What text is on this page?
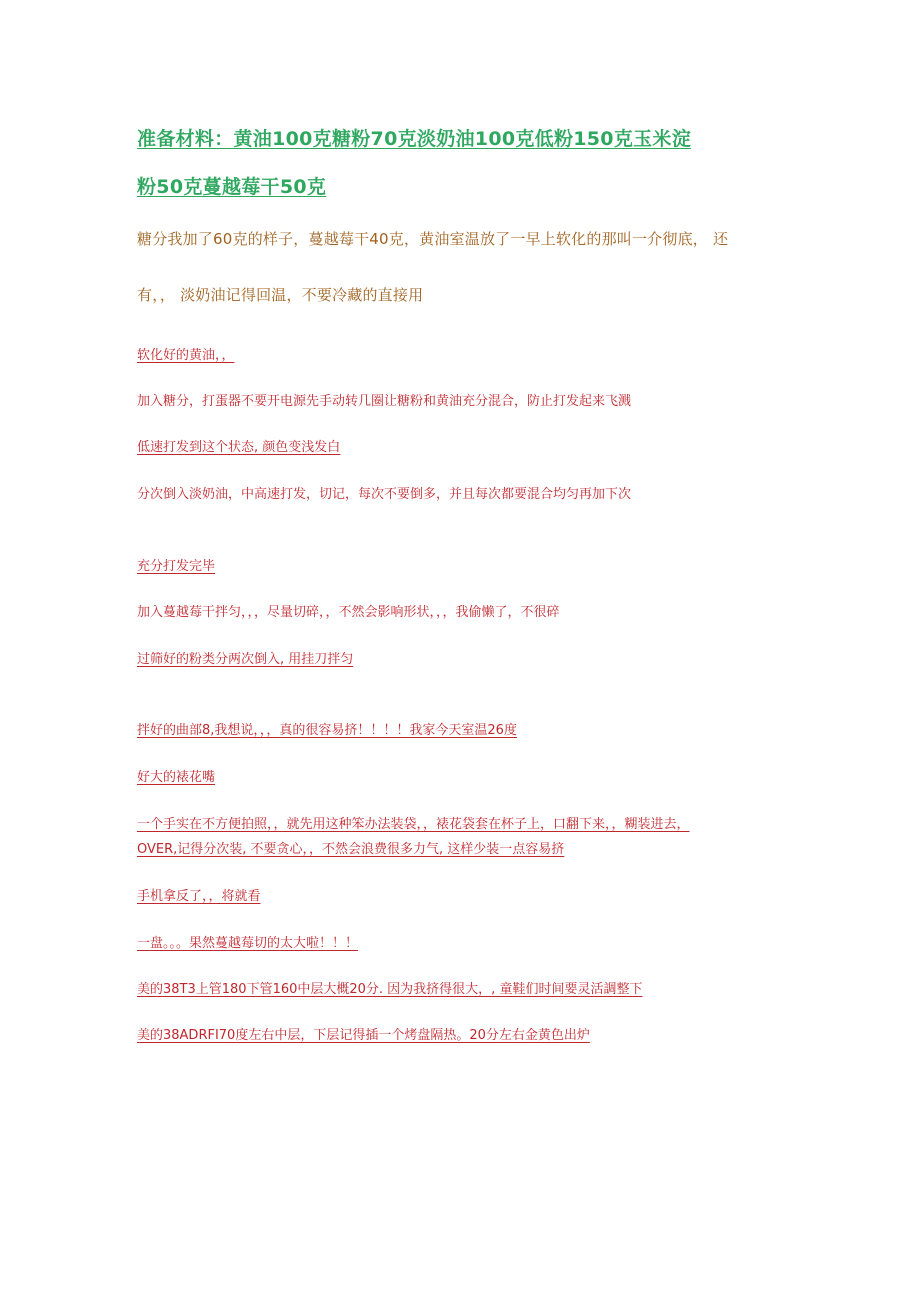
准备材料：黄油100克糖粉70克淡奶油100克低粉150克玉米淀
粉50克蔓越莓干50克
糖分我加了60克的样子，蔓越莓干40克，黄油室温放了一早上软化的那叫一介彻底， 还
有，， 淡奶油记得回温，不要冷藏的直接用
软化好的黄油，，
加入糖分，打蛋器不要开电源先手动转几圈让糖粉和黄油充分混合，防止打发起来飞溅
低速打发到这个状态, 颜色变浅发白
分次倒入淡奶油，中高速打发，切记，每次不要倒多，并且每次都要混合均匀再加下次
充分打发完毕
加入蔓越莓干拌匀，，，尽量切碎，，不然会影响形状，，，我偷懒了，不很碎
过筛好的粉类分两次倒入, 用挂刀拌匀
拌好的曲部8,我想说，，，真的很容易挤！！！！我家今天室温26度
好大的裱花嘴
一个手实在不方便拍照，，就先用这种笨办法装袋，，裱花袋套在杯子上，口翻下来，，糊装进去，
OVER,记得分次装, 不要贪心，，不然会浪费很多力气, 这样少装一点容易挤
手机拿反了，，将就看
一盘。。。果然蔓越莓切的太大啦！！！
美的38T3上管180下管160中层大概20分. 因为我挤得很大，, 童鞋们时间要灵活調整下
美的38ADRFI70度左右中层，下层记得插一个烤盘隔热。20分左右金黄色出炉
